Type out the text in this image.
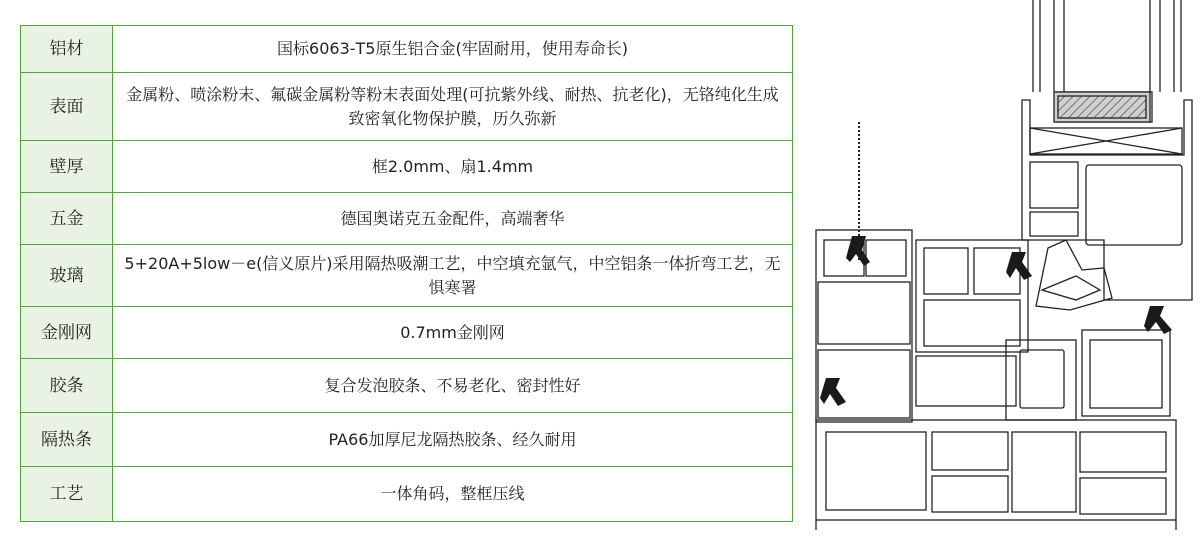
铝材	国标6063-T5原生铝合金(牢固耐用，使用寿命长)
表面	金属粉、喷涂粉末、氟碳金属粉等粉末表面处理(可抗紫外线、耐热、抗老化)，无铬纯化生成致密氧化物保护膜，历久弥新
壁厚	框2.0mm、扇1.4mm
五金	德国奥诺克五金配件，高端奢华
玻璃	5+20A+5low－e(信义原片)采用隔热吸潮工艺，中空填充氩气，中空铝条一体折弯工艺，无惧寒署
金刚网	0.7mm金刚网
胶条	复合发泡胶条、不易老化、密封性好
隔热条	PA66加厚尼龙隔热胶条、经久耐用
工艺	一体角码，整框压线
